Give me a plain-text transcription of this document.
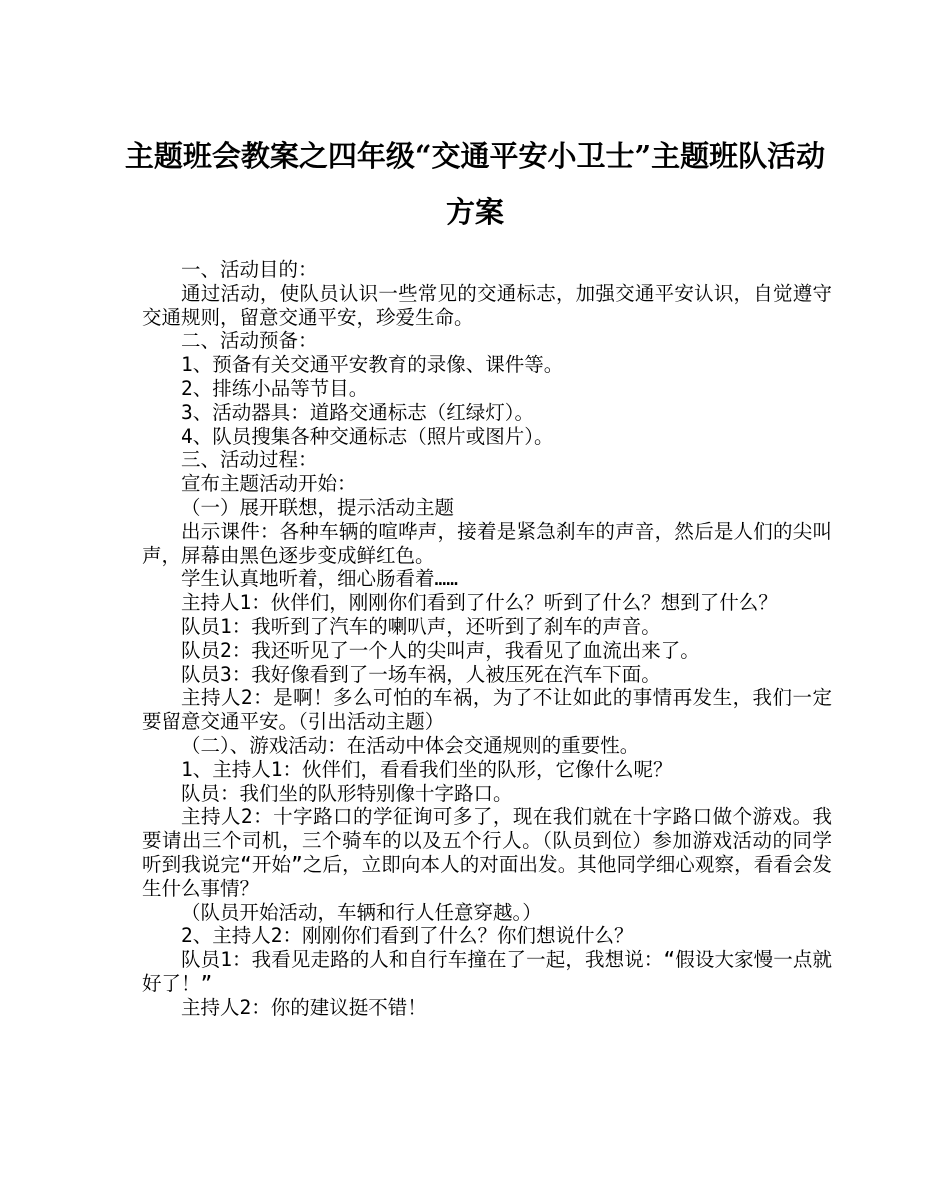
主题班会教案之四年级“交通平安小卫士”主题班队活动方案

一、活动目的：

通过活动，使队员认识一些常见的交通标志，加强交通平安认识，自觉遵守交通规则，留意交通平安，珍爱生命。

二、活动预备：

1、预备有关交通平安教育的录像、课件等。

2、排练小品等节目。

3、活动器具：道路交通标志（红绿灯）。

4、队员搜集各种交通标志（照片或图片）。

三、活动过程：

宣布主题活动开始：

（一）展开联想，提示活动主题

出示课件：各种车辆的喧哗声，接着是紧急刹车的声音，然后是人们的尖叫声，屏幕由黑色逐步变成鲜红色。

学生认真地听着，细心肠看着……

主持人1：伙伴们，刚刚你们看到了什么？听到了什么？想到了什么？

队员1：我听到了汽车的喇叭声，还听到了刹车的声音。

队员2：我还听见了一个人的尖叫声，我看见了血流出来了。

队员3：我好像看到了一场车祸，人被压死在汽车下面。

主持人2：是啊！多么可怕的车祸，为了不让如此的事情再发生，我们一定要留意交通平安。（引出活动主题）

（二）、游戏活动：在活动中体会交通规则的重要性。

1、主持人1：伙伴们，看看我们坐的队形，它像什么呢？

队员：我们坐的队形特别像十字路口。

主持人2：十字路口的学征询可多了，现在我们就在十字路口做个游戏。我要请出三个司机，三个骑车的以及五个行人。（队员到位）参加游戏活动的同学听到我说完“开始”之后，立即向本人的对面出发。其他同学细心观察，看看会发生什么事情？

（队员开始活动，车辆和行人任意穿越。）

2、主持人2：刚刚你们看到了什么？你们想说什么？

队员1：我看见走路的人和自行车撞在了一起，我想说：“假设大家慢一点就好了！”

主持人2：你的建议挺不错！
